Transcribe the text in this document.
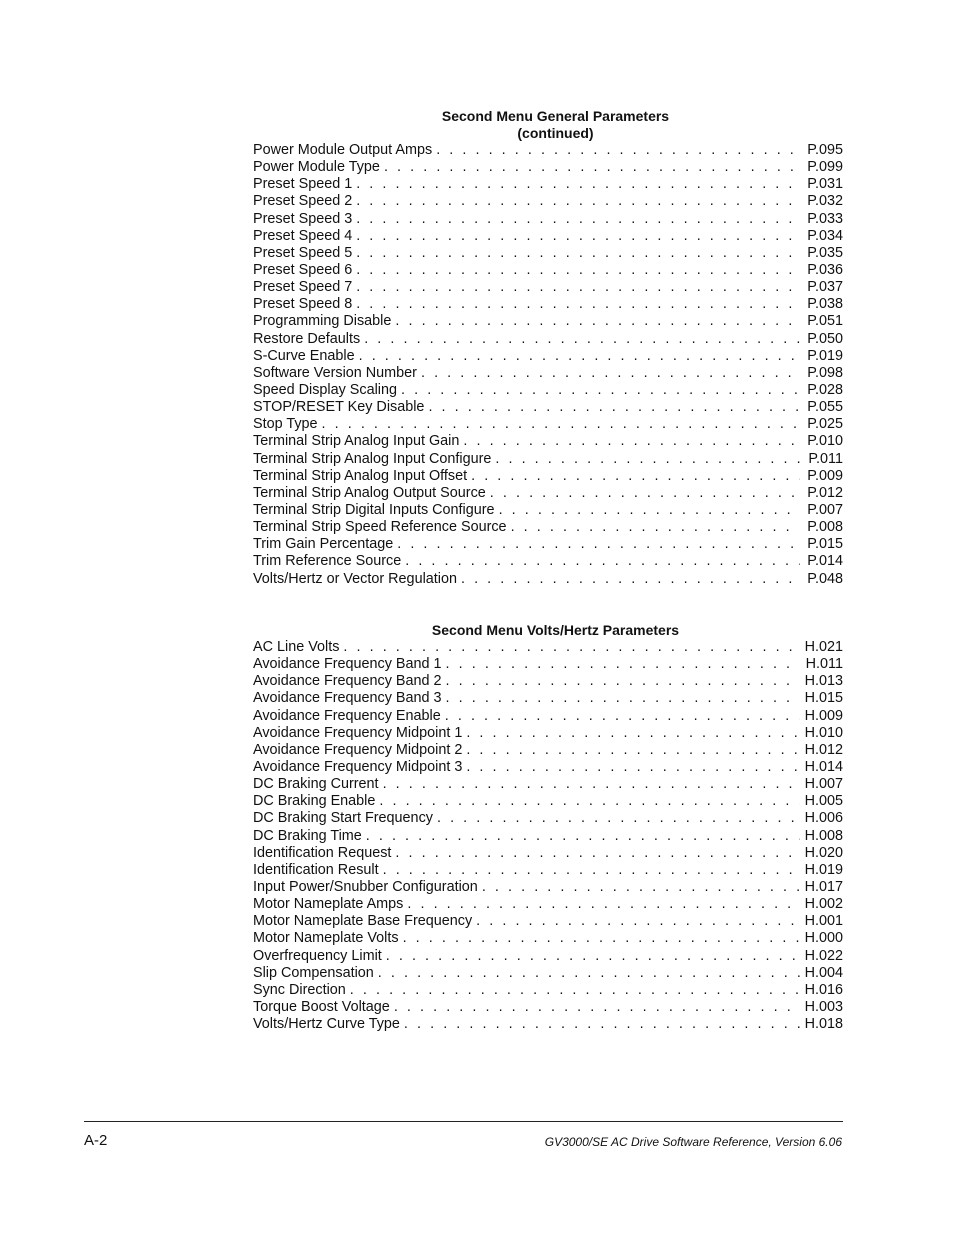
Second Menu General Parameters

(continued)

Power Module Output Amps . . .	P.095
Power Module Type . . .	P.099
Preset Speed 1 . . .	P.031
Preset Speed 2 . . .	P.032
Preset Speed 3 . . .	P.033
Preset Speed 4 . . .	P.034
Preset Speed 5 . . .	P.035
Preset Speed 6 . . .	P.036
Preset Speed 7 . . .	P.037
Preset Speed 8 . . .	P.038
Programming Disable . . .	P.051
Restore Defaults . . .	P.050
S-Curve Enable . . .	P.019
Software Version Number . . .	P.098
Speed Display Scaling . . .	P.028
STOP/RESET Key Disable . . .	P.055
Stop Type . . .	P.025
Terminal Strip Analog Input Gain . . .	P.010
Terminal Strip Analog Input Configure . . .	P.011
Terminal Strip Analog Input Offset . . .	P.009
Terminal Strip Analog Output Source . . .	P.012
Terminal Strip Digital Inputs Configure . . .	P.007
Terminal Strip Speed Reference Source . . .	P.008
Trim Gain Percentage . . .	P.015
Trim Reference Source . . .	P.014
Volts/Hertz or Vector Regulation . . .	P.048

Second Menu Volts/Hertz Parameters

AC Line Volts . . .	H.021
Avoidance Frequency Band 1 . . .	H.011
Avoidance Frequency Band 2 . . .	H.013
Avoidance Frequency Band 3 . . .	H.015
Avoidance Frequency Enable . . .	H.009
Avoidance Frequency Midpoint 1 . . .	H.010
Avoidance Frequency Midpoint 2 . . .	H.012
Avoidance Frequency Midpoint 3 . . .	H.014
DC Braking Current . . .	H.007
DC Braking Enable . . .	H.005
DC Braking Start Frequency . . .	H.006
DC Braking Time . . .	H.008
Identification Request . . .	H.020
Identification Result . . .	H.019
Input Power/Snubber Configuration . . .	H.017
Motor Nameplate Amps . . .	H.002
Motor Nameplate Base Frequency . . .	H.001
Motor Nameplate Volts . . .	H.000
Overfrequency Limit . . .	H.022
Slip Compensation . . .	H.004
Sync Direction . . .	H.016
Torque Boost Voltage . . .	H.003
Volts/Hertz Curve Type . . .	H.018
A-2	GV3000/SE AC Drive Software Reference, Version 6.06
